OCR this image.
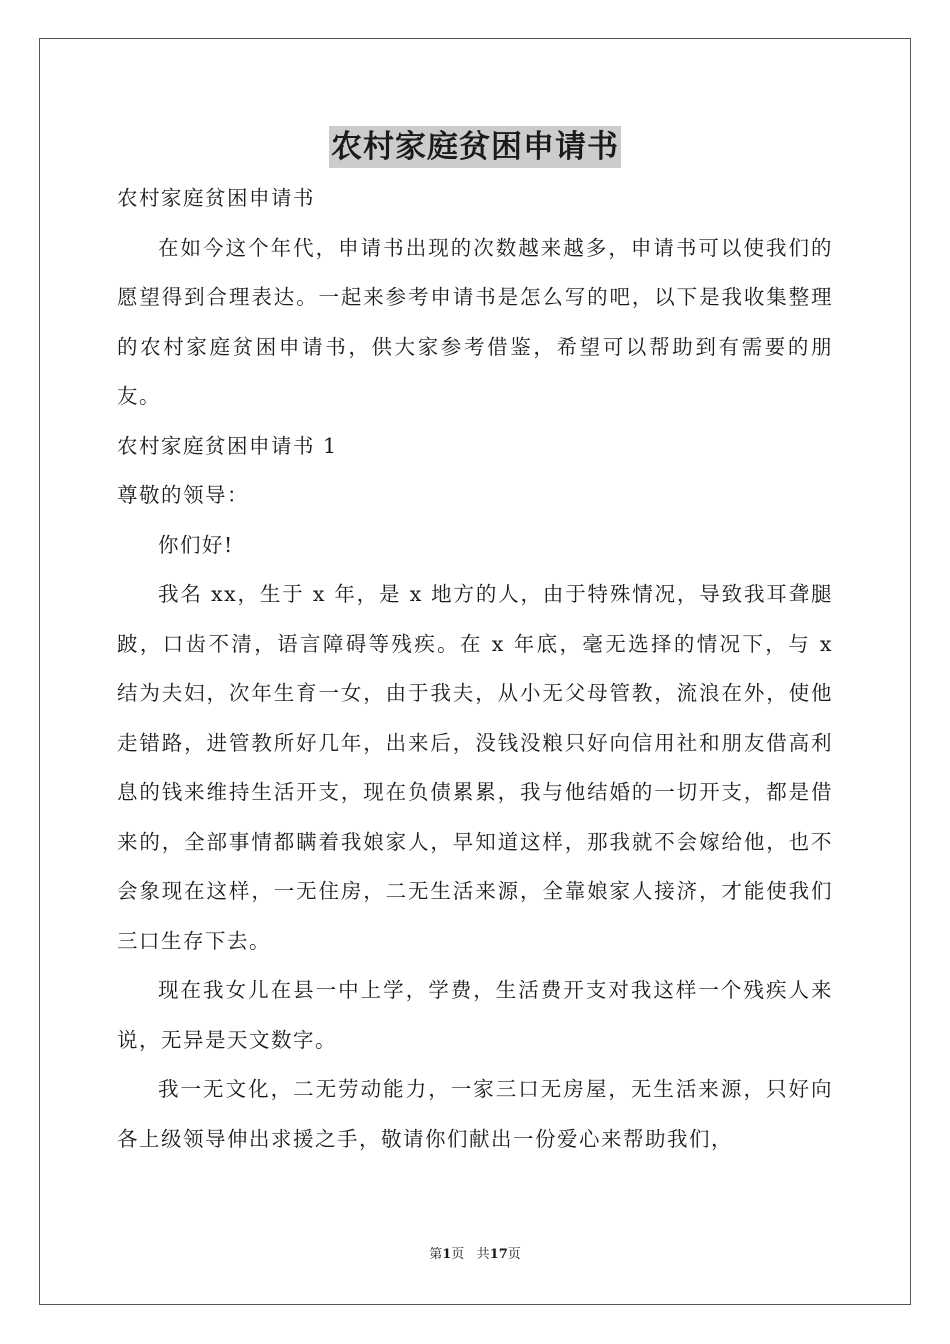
农村家庭贫困申请书

农村家庭贫困申请书

在如今这个年代，申请书出现的次数越来越多，申请书可以使我们的愿望得到合理表达。一起来参考申请书是怎么写的吧，以下是我收集整理的农村家庭贫困申请书，供大家参考借鉴，希望可以帮助到有需要的朋友。

农村家庭贫困申请书 1

尊敬的领导：

你们好!

我名 xx，生于 x 年，是 x 地方的人，由于特殊情况，导致我耳聋腿跛，口齿不清，语言障碍等残疾。在 x 年底，毫无选择的情况下，与 x 结为夫妇，次年生育一女，由于我夫，从小无父母管教，流浪在外，使他走错路，进管教所好几年，出来后，没钱没粮只好向信用社和朋友借高利息的钱来维持生活开支，现在负债累累，我与他结婚的一切开支，都是借来的，全部事情都瞒着我娘家人，早知道这样，那我就不会嫁给他，也不会象现在这样，一无住房，二无生活来源，全靠娘家人接济，才能使我们三口生存下去。

现在我女儿在县一中上学，学费，生活费开支对我这样一个残疾人来说，无异是天文数字。

我一无文化，二无劳动能力，一家三口无房屋，无生活来源，只好向各上级领导伸出求援之手，敬请你们献出一份爱心来帮助我们，

第1页 共17页
